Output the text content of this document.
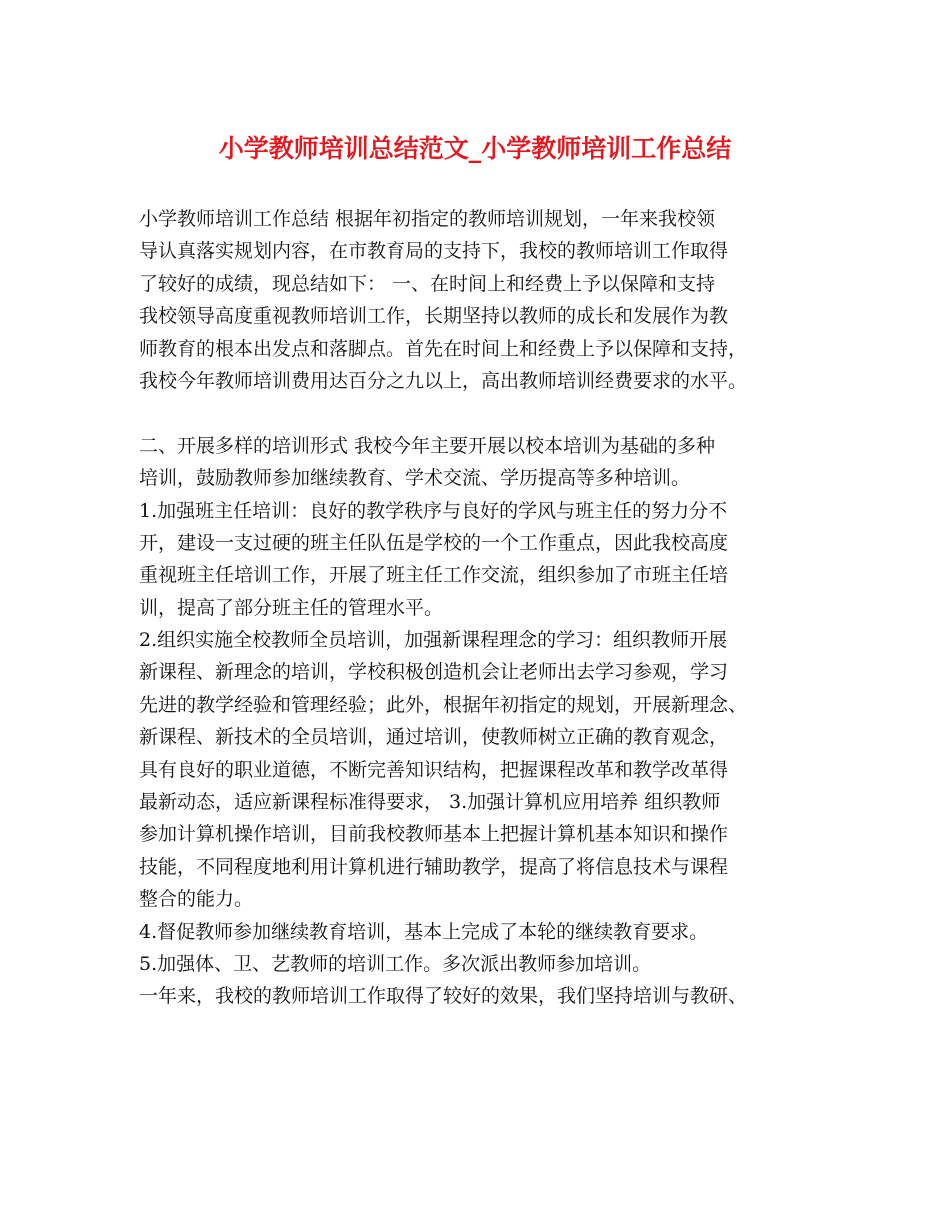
小学教师培训总结范文_小学教师培训工作总结
小学教师培训工作总结 根据年初指定的教师培训规划，一年来我校领
导认真落实规划内容，在市教育局的支持下，我校的教师培训工作取得
了较好的成绩，现总结如下： 一、在时间上和经费上予以保障和支持
我校领导高度重视教师培训工作，长期坚持以教师的成长和发展作为教
师教育的根本出发点和落脚点。首先在时间上和经费上予以保障和支持，
我校今年教师培训费用达百分之九以上，高出教师培训经费要求的水平。
二、开展多样的培训形式 我校今年主要开展以校本培训为基础的多种
培训，鼓励教师参加继续教育、学术交流、学历提高等多种培训。
1.加强班主任培训：良好的教学秩序与良好的学风与班主任的努力分不
开，建设一支过硬的班主任队伍是学校的一个工作重点，因此我校高度
重视班主任培训工作，开展了班主任工作交流，组织参加了市班主任培
训，提高了部分班主任的管理水平。
2.组织实施全校教师全员培训，加强新课程理念的学习：组织教师开展
新课程、新理念的培训，学校积极创造机会让老师出去学习参观，学习
先进的教学经验和管理经验；此外，根据年初指定的规划，开展新理念、
新课程、新技术的全员培训，通过培训，使教师树立正确的教育观念，
具有良好的职业道德，不断完善知识结构，把握课程改革和教学改革得
最新动态，适应新课程标准得要求， 3.加强计算机应用培养 组织教师
参加计算机操作培训，目前我校教师基本上把握计算机基本知识和操作
技能，不同程度地利用计算机进行辅助教学，提高了将信息技术与课程
整合的能力。
4.督促教师参加继续教育培训，基本上完成了本轮的继续教育要求。
5.加强体、卫、艺教师的培训工作。多次派出教师参加培训。
一年来，我校的教师培训工作取得了较好的效果，我们坚持培训与教研、
